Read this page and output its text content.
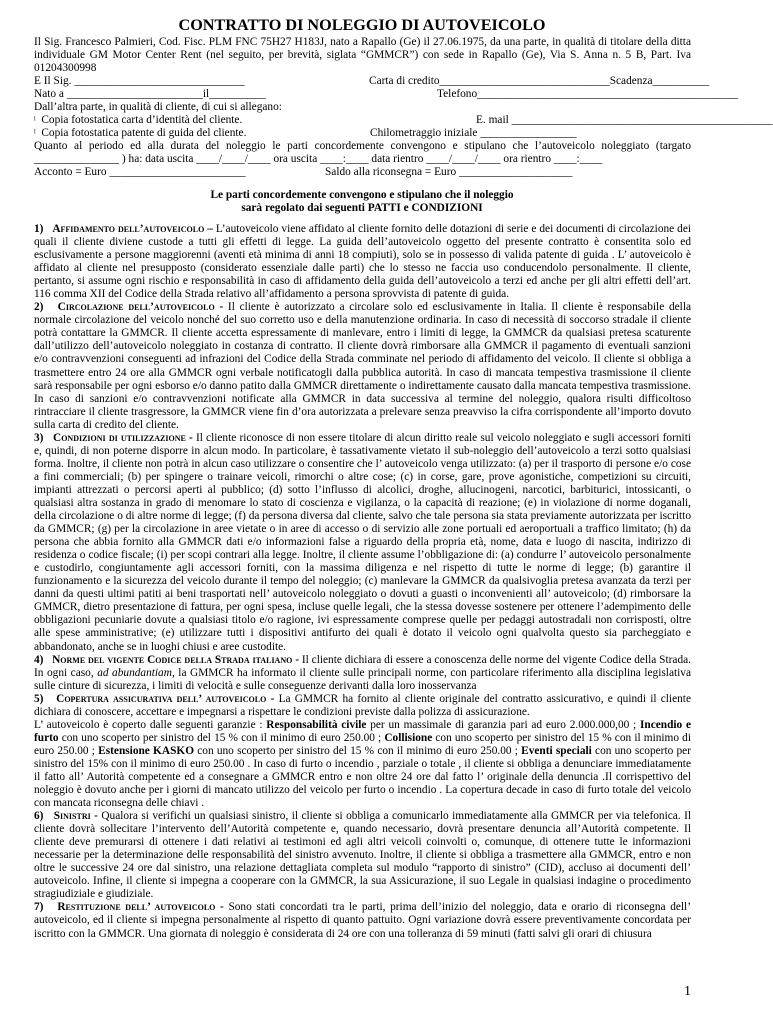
CONTRATTO DI NOLEGGIO DI AUTOVEICOLO
Il Sig. Francesco Palmieri, Cod. Fisc. PLM FNC 75H27 H183J, nato a Rapallo (Ge) il 27.06.1975, da una parte, in qualità di titolare della ditta individuale GM Motor Center Rent (nel seguito, per brevità, siglata “GMMCR”) con sede in Rapallo (Ge), Via S. Anna n. 5 B, Part. Iva 01204300998
E Il Sig. ______________________________	Carta di credito______________________________Scadenza__________
Nato a ________________________il__________	Telefono______________________________________________
Dall’altra parte, in qualità di cliente, di cui si allegano:
ˡ Copia fotostatica carta d’identità del cliente.	E. mail ______________________________________________
ˡ Copia fotostatica patente di guida del cliente.	Chilometraggio iniziale _________________
Quanto al periodo ed alla durata del noleggio le parti concordemente convengono e stipulano che l’autoveicolo noleggiato (targato
_______________ ) ha: data uscita ____/____/____ ora uscita ____:____ data rientro ____/____/____ ora rientro ____:____
Acconto = Euro ________________________	Saldo alla riconsegna = Euro ____________________
Le parti concordemente convengono e stipulano che il noleggio
sarà regolato dai seguenti PATTI e CONDIZIONI

1) Affidamento dell’autoveicolo – L’autoveicolo viene affidato al cliente fornito delle dotazioni di serie e dei documenti di circolazione dei quali il cliente diviene custode a tutti gli effetti di legge. La guida dell’autoveicolo oggetto del presente contratto è consentita solo ed esclusivamente a persone maggiorenni (aventi età minima di anni 18 compiuti), solo se in possesso di valida patente di guida . L’ autoveicolo è affidato al cliente nel presupposto (considerato essenziale dalle parti) che lo stesso ne faccia uso conducendolo personalmente. Il cliente, pertanto, si assume ogni rischio e responsabilità in caso di affidamento della guida dell’autoveicolo a terzi ed anche per gli altri effetti dell’art. 116 comma XII del Codice della Strada relativo all’affidamento a persona sprovvista di patente di guida.

2) Circolazione dell’autoveicolo - Il cliente è autorizzato a circolare solo ed esclusivamente in Italia. Il cliente è responsabile della normale circolazione del veicolo nonché del suo corretto uso e della manutenzione ordinaria. In caso di necessità di soccorso stradale il cliente potrà contattare la GMMCR. Il cliente accetta espressamente di manlevare, entro i limiti di legge, la GMMCR da qualsiasi pretesa scaturente dall’utilizzo dell’autoveicolo noleggiato in costanza di contratto. Il cliente dovrà rimborsare alla GMMCR il pagamento di eventuali sanzioni e/o contravvenzioni conseguenti ad infrazioni del Codice della Strada comminate nel periodo di affidamento del veicolo. Il cliente si obbliga a trasmettere entro 24 ore alla GMMCR ogni verbale notificatogli dalla pubblica autorità. In caso di mancata tempestiva trasmissione il cliente sarà responsabile per ogni esborso e/o danno patito dalla GMMCR direttamente o indirettamente causato dalla mancata tempestiva trasmissione. In caso di sanzioni e/o contravvenzioni notificate alla GMMCR in data successiva al termine del noleggio, qualora risulti difficoltoso rintracciare il cliente trasgressore, la GMMCR viene fin d’ora autorizzata a prelevare senza preavviso la cifra corrispondente all’importo dovuto sulla carta di credito del cliente.

3) Condizioni di utilizzazione - Il cliente riconosce di non essere titolare di alcun diritto reale sul veicolo noleggiato e sugli accessori forniti e, quindi, di non poterne disporre in alcun modo. In particolare, è tassativamente vietato il sub-noleggio dell’autoveicolo a terzi sotto qualsiasi forma. Inoltre, il cliente non potrà in alcun caso utilizzare o consentire che l’ autoveicolo venga utilizzato: (a) per il trasporto di persone e/o cose a fini commerciali; (b) per spingere o trainare veicoli, rimorchi o altre cose; (c) in corse, gare, prove agonistiche, competizioni su circuiti, impianti attrezzati o percorsi aperti al pubblico; (d) sotto l’influsso di alcolici, droghe, allucinogeni, narcotici, barbiturici, intossicanti, o qualsiasi altra sostanza in grado di menomare lo stato di coscienza e vigilanza, o la capacità di reazione; (e) in violazione di norme doganali, della circolazione o di altre norme di legge; (f) da persona diversa dal cliente, salvo che tale persona sia stata previamente autorizzata per iscritto da GMMCR; (g) per la circolazione in aree vietate o in aree di accesso o di servizio alle zone portuali ed aeroportuali a traffico limitato; (h) da persona che abbia fornito alla GMMCR dati e/o informazioni false a riguardo della propria età, nome, data e luogo di nascita, indirizzo di residenza o codice fiscale; (i) per scopi contrari alla legge. Inoltre, il cliente assume l’obbligazione di: (a) condurre l’ autoveicolo personalmente e custodirlo, congiuntamente agli accessori forniti, con la massima diligenza e nel rispetto di tutte le norme di legge; (b) garantire il funzionamento e la sicurezza del veicolo durante il tempo del noleggio; (c) manlevare la GMMCR da qualsivoglia pretesa avanzata da terzi per danni da questi ultimi patiti ai beni trasportati nell’ autoveicolo noleggiato o dovuti a guasti o inconvenienti all’ autoveicolo; (d) rimborsare la GMMCR, dietro presentazione di fattura, per ogni spesa, incluse quelle legali, che la stessa dovesse sostenere per ottenere l’adempimento delle obbligazioni pecuniarie dovute a qualsiasi titolo e/o ragione, ivi espressamente comprese quelle per pedaggi autostradali non corrisposti, oltre alle spese amministrative; (e) utilizzare tutti i dispositivi antifurto dei quali è dotato il veicolo ogni qualvolta questo sia parcheggiato e abbandonato, anche se in luoghi chiusi e aree custodite.

4) Norme del vigente Codice della Strada italiano - Il cliente dichiara di essere a conoscenza delle norme del vigente Codice della Strada. In ogni caso, ad abundantiam, la GMMCR ha informato il cliente sulle principali norme, con particolare riferimento alla disciplina legislativa sulle cinture di sicurezza, i limiti di velocità e sulle conseguenze derivanti dalla loro inosservanza

5) Copertura assicurativa dell’ autoveicolo - La GMMCR ha fornito al cliente originale del contratto assicurativo, e quindi il cliente dichiara di conoscere, accettare e impegnarsi a rispettare le condizioni previste dalla polizza di assicurazione.

L’ autoveicolo è coperto dalle seguenti garanzie : Responsabilità civile per un massimale di garanzia pari ad euro 2.000.000,00 ; Incendio e furto con uno scoperto per sinistro del 15 % con il minimo di euro 250.00 ; Collisione con uno scoperto per sinistro del 15 % con il minimo di euro 250.00 ; Estensione KASKO con uno scoperto per sinistro del 15 % con il minimo di euro 250.00 ; Eventi speciali con uno scoperto per sinistro del 15% con il minimo di euro 250.00 . In caso di furto o incendio , parziale o totale , il cliente si obbliga a denunciare immediatamente il fatto all’ Autorità competente ed a consegnare a GMMCR entro e non oltre 24 ore dal fatto l’ originale della denuncia .Il corrispettivo del noleggio è dovuto anche per i giorni di mancato utilizzo del veicolo per furto o incendio . La copertura decade in caso di furto totale del veicolo con mancata riconsegna delle chiavi .

6) Sinistri - Qualora si verifichi un qualsiasi sinistro, il cliente si obbliga a comunicarlo immediatamente alla GMMCR per via telefonica. Il cliente dovrà sollecitare l’intervento dell’Autorità competente e, quando necessario, dovrà presentare denuncia all’Autorità competente. Il cliente deve premurarsi di ottenere i dati relativi ai testimoni ed agli altri veicoli coinvolti o, comunque, di ottenere tutte le informazioni necessarie per la determinazione delle responsabilità del sinistro avvenuto. Inoltre, il cliente si obbliga a trasmettere alla GMMCR, entro e non oltre le successive 24 ore dal sinistro, una relazione dettagliata completa sul modulo “rapporto di sinistro” (CID), accluso ai documenti dell’ autoveicolo. Infine, il cliente si impegna a cooperare con la GMMCR, la sua Assicurazione, il suo Legale in qualsiasi indagine o procedimento stragiudiziale e giudiziale.

7) Restituzione dell’ autoveicolo - Sono stati concordati tra le parti, prima dell’inizio del noleggio, data e orario di riconsegna dell’ autoveicolo, ed il cliente si impegna personalmente al rispetto di quanto pattuito. Ogni variazione dovrà essere preventivamente concordata per iscritto con la GMMCR. Una giornata di noleggio è considerata di 24 ore con una tolleranza di 59 minuti (fatti salvi gli orari di chiusura

1
